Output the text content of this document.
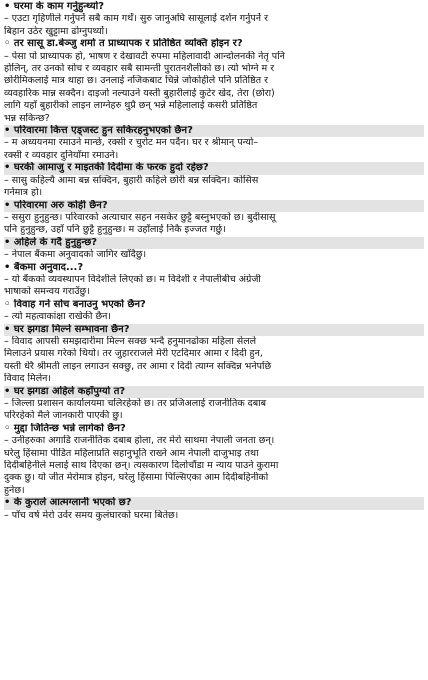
• घरमा के काम गर्नुहुन्थ्यो?
– एउटा गृहिणीले गर्नुपर्ने सबै काम गर्थें। सुरु जानुअघि सासूलाई दर्शन गर्नुपर्ने र
बिहान उठेर खुट्टामा ढोग्नुपर्थ्यो।
◦ तर सासू डा.बेञ्जु शर्मा त प्राध्यापक र प्रतिष्ठित व्यक्ति होइन र?
– पेसा पो प्राध्यापक हो, भाषण र देखावटी रुपमा महिलावादी आन्दोलनकी नेतृ पनि
होलिन्, तर उनको सोच र व्यवहार सबै सामन्ती पुरातनशैलीको छ। त्यो भोग्ने म र
छोरीमिकलाई मात्र थाहा छ। उनलाई नजिकबाट चिन्ने जोकोहीले पनि प्रतिष्ठित र
व्यवहारिक मान्न सक्दैन। दाइजो नल्याउने यस्ती बुहारीलाई कुटेर खेद, तेरा (छोरा)
लागि यहाँ बुहारीको लाइन लाग्नेहरु थुप्रै छन् भन्ने महिलालाई कसरी प्रतिष्ठित
भन्न सकिन्छ?
• परिवारमा कित्त एड्जस्ट हुन सकिरहनुभएको छैन?
– म अध्ययनमा रमाउने मान्छे, रक्सी र चुरोट मन पर्दैन। घर र श्रीमान् पन्यो–
रक्सी र व्यवहार दुनियाँमा रमाउने।
• घरकी आमाजु र माइतकी दिदीमा के फरक हुदो रहेछ?
– सासु कहिल्यै आमा बन्न सक्दिन, बुहारी कहिले छोरी बन्न सक्दिन। कोसिस
गर्नमात्र हो।
• परिवारमा अरु कोही छैन?
– ससुरा हुनुहुन्छ। परिवारको अत्याचार सहन नसकेर छुट्टै बस्नुभएको छ। बुदीसासू
पनि हुनुहुन्छ, उहाँ पनि छुट्टै हुनुहुन्छ। म उहाँलाई निकै इज्जत गर्छु।
• अहिले के गर्दै हुनुहुन्छ?
– नेपाल बैंकमा अनुवादको जागिर खाँदैछु।
• बैंकमा अनुवाद...?
– यो बैंकको व्यवस्थापन विदेशीले लिएको छ। म विदेशी र नेपालीबीच अंग्रेजी
भाषाको समन्वय गराउँछु।
◦ विवाह गर्ने सोच बनाउनु भएको छैन?
– त्यो महत्वाकांक्षा राखेकी छैन।
• घर झगडा मिल्ने सम्भावना छैन?
– विवाद आपसी समझदारीमा मिल्न सक्छ भन्दै हनुमानढोका महिला सेलले
मिलाउने प्रयास गरेको थियो। तर जुहारराजले मेरी एटदिमार आमा र दिदी हुन,
यस्ती धेरै श्रीमती लाइन लगाउन सक्छु, तर आमा र दिदी त्याग्न सक्दिन्न भनेपछि
विवाद मिलेन।
• घर झगडा अहिले कहाँपुग्यो त?
– जिल्ला प्रशासन कार्यालयमा चलिरहेको छ। तर प्रजिअलाई राजनीतिक दबाब
परिरहेको मैले जानकारी पाएकी छु।
◦ मुद्दा जितिन्छ भन्ने लागेको छैन?
– उनीहरुका अगाडि राजनीतिक दबाब होला, तर मेरो साथमा नेपाली जनता छन्।
घरेलु हिंसामा पीडित महिलाप्रति सहानुभूति राख्ने आम नेपाली दाजुभाइ तथा
दिदीबहिनीले मलाई साथ दिएका छन्। त्यसकारण दिलोचौंडा म न्याय पाउने कुरामा
दुक्क छु। यो जीत मेरोमात्र होइन, घरेलु हिंसामा पिल्सिएका आम दिदीबहिनीको
हुनेछ।
• के कुराले आत्मग्लानी भएको छ?
– पाँच वर्ष मेरो उर्वर समय कुलंघारको घरमा बितेछ।
